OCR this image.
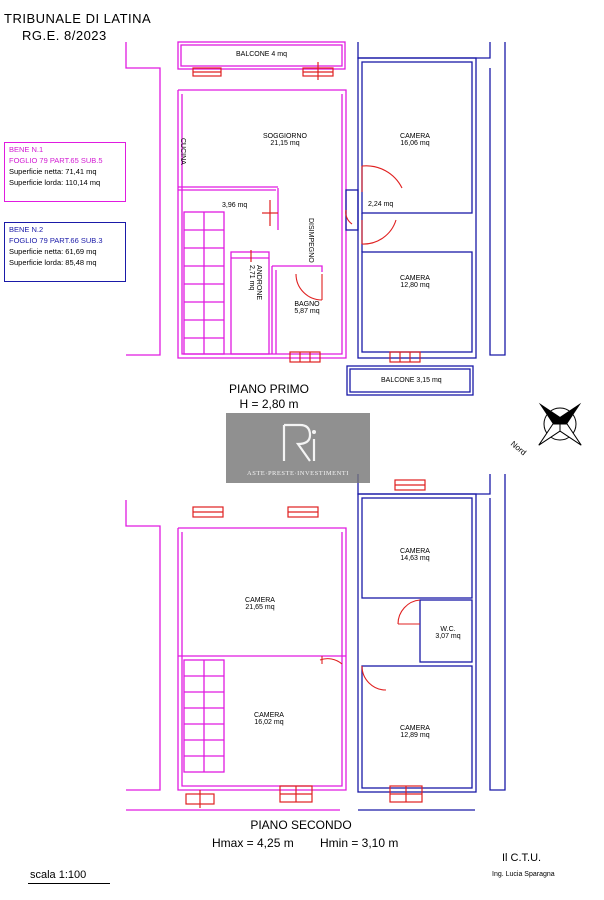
TRIBUNALE DI LATINA
RG.E. 8/2023
BENE N.1
FOGLIO 79 PART.65 SUB.5
Superficie netta: 71,41 mq
Superficie lorda: 110,14 mq
BENE N.2
FOGLIO 79 PART.66 SUB.3
Superficie netta: 61,69 mq
Superficie lorda: 85,48 mq
BALCONE 4 mq
CUCINA
SOGGIORNO
21,15 mq
3,96 mq
DISIMPEGNO
ANDRONE
2,71 mq
BAGNO
5,87 mq
CAMERA
16,06 mq
2,24 mq
CAMERA
12,80 mq
BALCONE 3,15 mq
PIANO PRIMO
H = 2,80 m
Nord
ASTE·PRESTE·INVESTIMENTI
CAMERA
14,63 mq
CAMERA
21,65 mq
W.C.
3,07 mq
CAMERA
16,02 mq
CAMERA
12,89 mq
PIANO SECONDO
Hmax = 4,25 m Hmin = 3,10 m
scala 1:100
Il C.T.U.
Ing. Lucia Sparagna
